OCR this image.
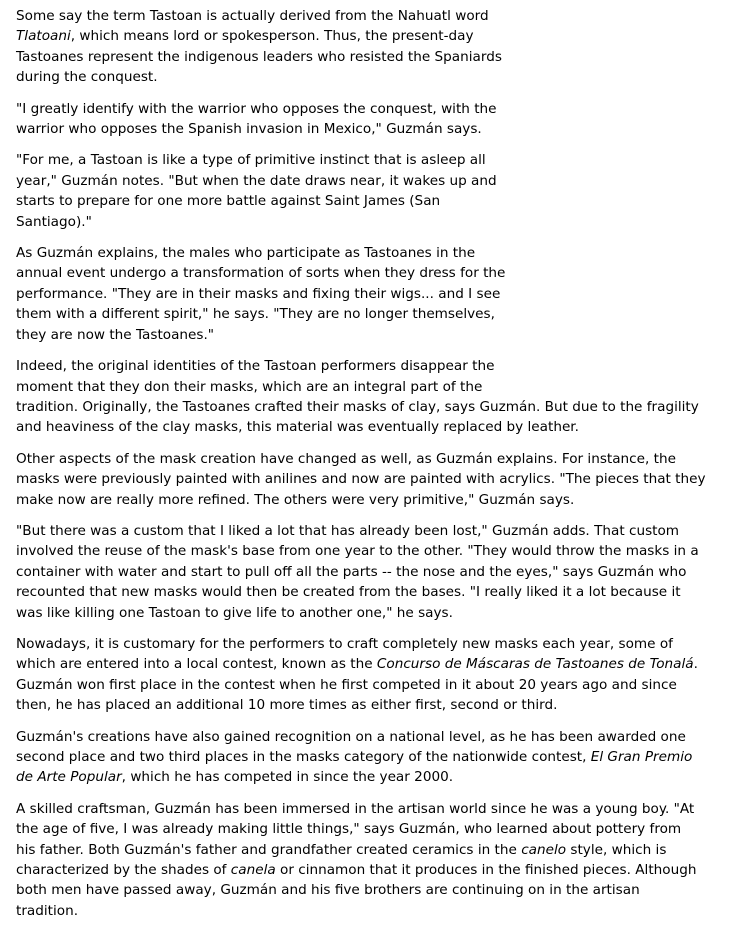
Some say the term Tastoan is actually derived from the Nahuatl word
Tlatoani, which means lord or spokesperson. Thus, the present-day
Tastoanes represent the indigenous leaders who resisted the Spaniards
during the conquest.

"I greatly identify with the warrior who opposes the conquest, with the
warrior who opposes the Spanish invasion in Mexico," Guzmán says.

"For me, a Tastoan is like a type of primitive instinct that is asleep all
year," Guzmán notes. "But when the date draws near, it wakes up and
starts to prepare for one more battle against Saint James (San
Santiago)."

As Guzmán explains, the males who participate as Tastoanes in the
annual event undergo a transformation of sorts when they dress for the
performance. "They are in their masks and fixing their wigs... and I see
them with a different spirit," he says. "They are no longer themselves,
they are now the Tastoanes."

Indeed, the original identities of the Tastoan performers disappear the
moment that they don their masks, which are an integral part of the
tradition. Originally, the Tastoanes crafted their masks of clay, says Guzmán. But due to the fragility
and heaviness of the clay masks, this material was eventually replaced by leather.

Other aspects of the mask creation have changed as well, as Guzmán explains. For instance, the
masks were previously painted with anilines and now are painted with acrylics. "The pieces that they
make now are really more refined. The others were very primitive," Guzmán says.

"But there was a custom that I liked a lot that has already been lost," Guzmán adds. That custom
involved the reuse of the mask's base from one year to the other. "They would throw the masks in a
container with water and start to pull off all the parts -- the nose and the eyes," says Guzmán who
recounted that new masks would then be created from the bases. "I really liked it a lot because it
was like killing one Tastoan to give life to another one," he says.

Nowadays, it is customary for the performers to craft completely new masks each year, some of
which are entered into a local contest, known as the Concurso de Máscaras de Tastoanes de Tonalá.
Guzmán won first place in the contest when he first competed in it about 20 years ago and since
then, he has placed an additional 10 more times as either first, second or third.

Guzmán's creations have also gained recognition on a national level, as he has been awarded one
second place and two third places in the masks category of the nationwide contest, El Gran Premio
de Arte Popular, which he has competed in since the year 2000.

A skilled craftsman, Guzmán has been immersed in the artisan world since he was a young boy. "At
the age of five, I was already making little things," says Guzmán, who learned about pottery from
his father. Both Guzmán's father and grandfather created ceramics in the canelo style, which is
characterized by the shades of canela or cinnamon that it produces in the finished pieces. Although
both men have passed away, Guzmán and his five brothers are continuing on in the artisan
tradition.
